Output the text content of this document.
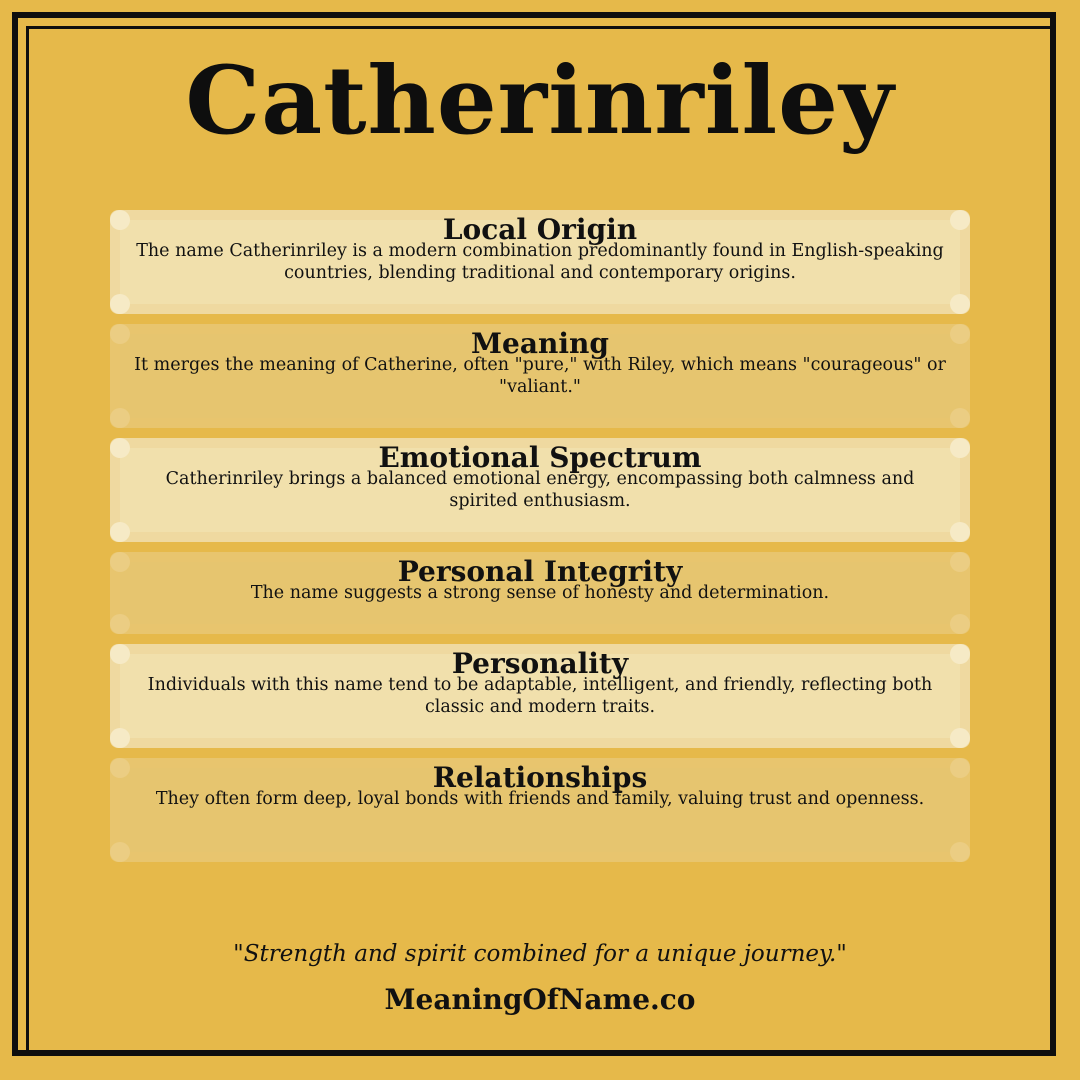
Catherinriley
Local Origin
The name Catherinriley is a modern combination predominantly found in English-speaking countries, blending traditional and contemporary origins.
Meaning
It merges the meaning of Catherine, often "pure," with Riley, which means "courageous" or "valiant."
Emotional Spectrum
Catherinriley brings a balanced emotional energy, encompassing both calmness and spirited enthusiasm.
Personal Integrity
The name suggests a strong sense of honesty and determination.
Personality
Individuals with this name tend to be adaptable, intelligent, and friendly, reflecting both classic and modern traits.
Relationships
They often form deep, loyal bonds with friends and family, valuing trust and openness.
"Strength and spirit combined for a unique journey."
MeaningOfName.co
